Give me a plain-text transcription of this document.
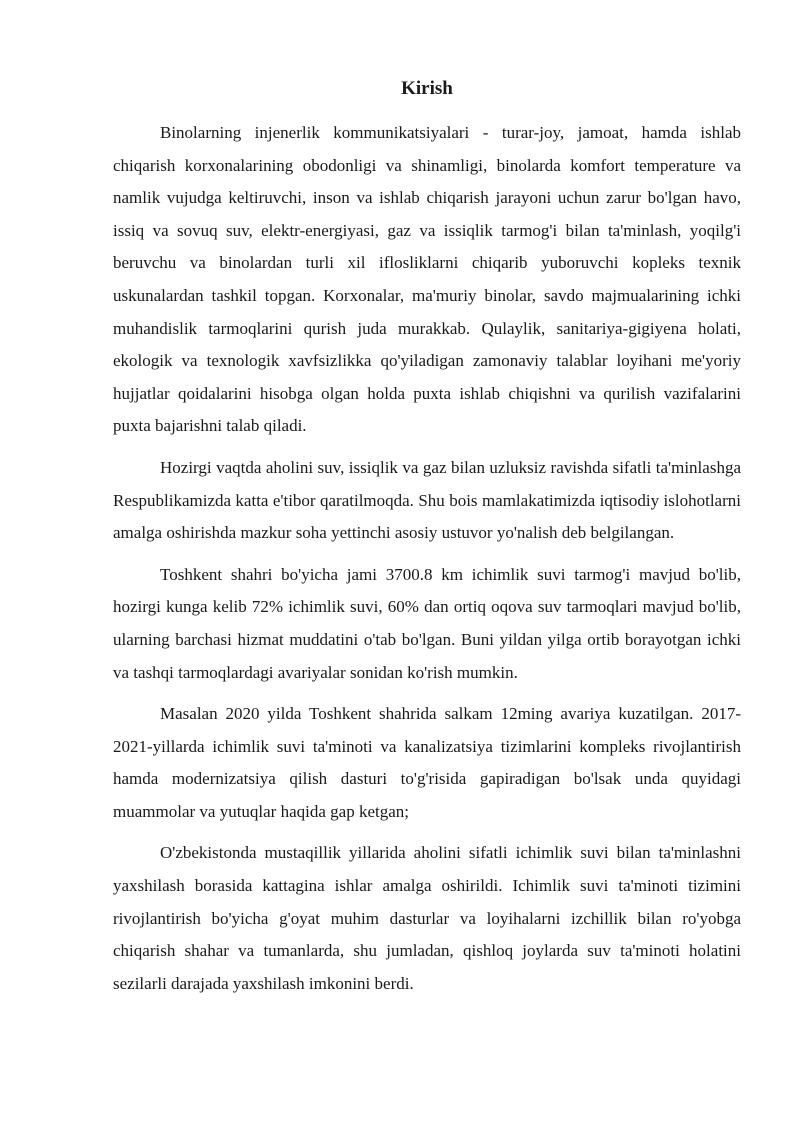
Kirish

Binolarning injenerlik kommunikatsiyalari - turar-joy, jamoat, hamda ishlab chiqarish korxonalarining obodonligi va shinamligi, binolarda komfort temperature va namlik vujudga keltiruvchi, inson va ishlab chiqarish jarayoni uchun zarur bo'lgan havo, issiq va sovuq suv, elektr-energiyasi, gaz va issiqlik tarmog'i bilan ta'minlash, yoqilg'i beruvchu va binolardan turli xil iflosliklarni chiqarib yuboruvchi kopleks texnik uskunalardan tashkil topgan. Korxonalar, ma'muriy binolar, savdo majmualarining ichki muhandislik tarmoqlarini qurish juda murakkab. Qulaylik, sanitariya-gigiyena holati, ekologik va texnologik xavfsizlikka qo'yiladigan zamonaviy talablar loyihani me'yoriy hujjatlar qoidalarini hisobga olgan holda puxta ishlab chiqishni va qurilish vazifalarini puxta bajarishni talab qiladi.

Hozirgi vaqtda aholini suv, issiqlik va gaz bilan uzluksiz ravishda sifatli ta'minlashga Respublikamizda katta e'tibor qaratilmoqda. Shu bois mamlakatimizda iqtisodiy islohotlarni amalga oshirishda mazkur soha yettinchi asosiy ustuvor yo'nalish deb belgilangan.

Toshkent shahri bo'yicha jami 3700.8 km ichimlik suvi tarmog'i mavjud bo'lib, hozirgi kunga kelib 72% ichimlik suvi, 60% dan ortiq oqova suv tarmoqlari mavjud bo'lib, ularning barchasi hizmat muddatini o'tab bo'lgan. Buni yildan yilga ortib borayotgan ichki va tashqi tarmoqlardagi avariyalar sonidan ko'rish mumkin.

Masalan 2020 yilda Toshkent shahrida salkam 12ming avariya kuzatilgan. 2017-2021-yillarda ichimlik suvi ta'minoti va kanalizatsiya tizimlarini kompleks rivojlantirish hamda modernizatsiya qilish dasturi to'g'risida gapiradigan bo'lsak unda quyidagi muammolar va yutuqlar haqida gap ketgan;

O'zbekistonda mustaqillik yillarida aholini sifatli ichimlik suvi bilan ta'minlashni yaxshilash borasida kattagina ishlar amalga oshirildi. Ichimlik suvi ta'minoti tizimini rivojlantirish bo'yicha g'oyat muhim dasturlar va loyihalarni izchillik bilan ro'yobga chiqarish shahar va tumanlarda, shu jumladan, qishloq joylarda suv ta'minoti holatini sezilarli darajada yaxshilash imkonini berdi.
